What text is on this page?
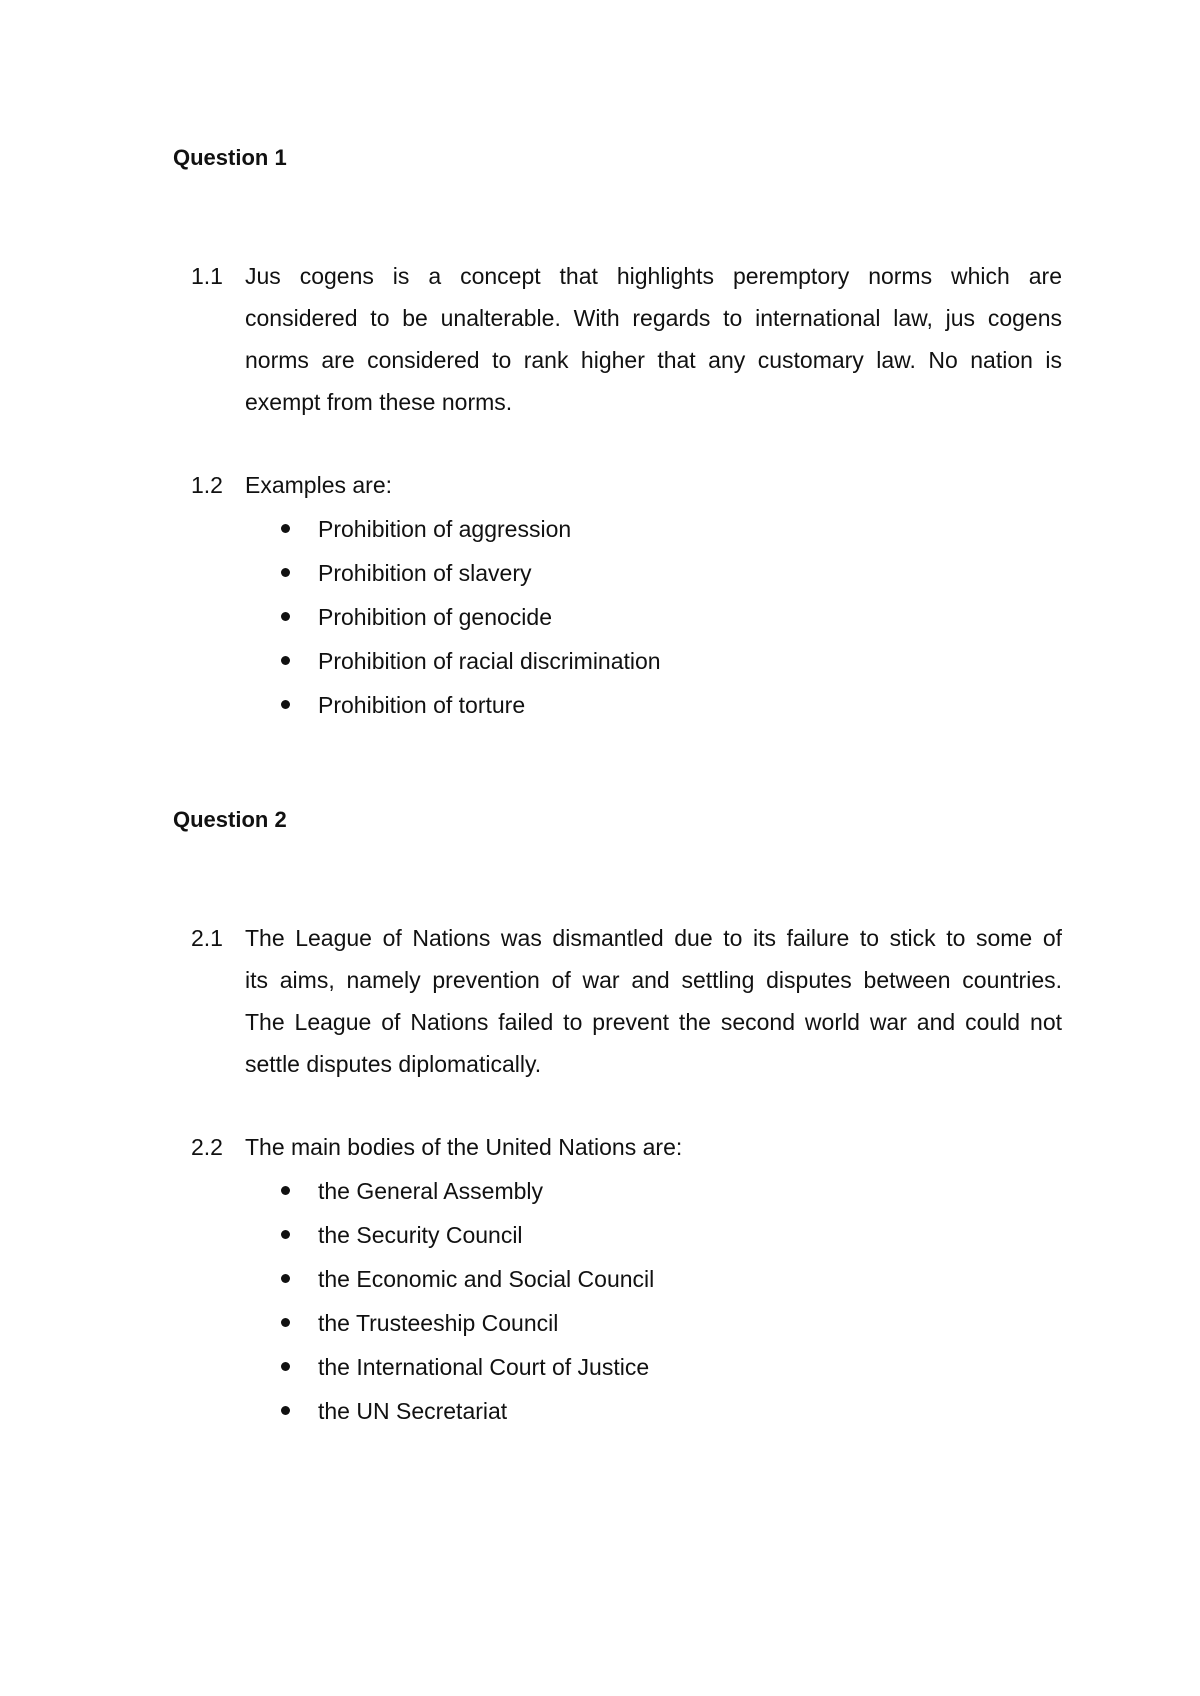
Question 1
1.1 Jus cogens is a concept that highlights peremptory norms which are
considered to be unalterable. With regards to international law, jus cogens
norms are considered to rank higher that any customary law. No nation is
exempt from these norms.

1.2 Examples are:

Prohibition of aggression
Prohibition of slavery
Prohibition of genocide
Prohibition of racial discrimination
Prohibition of torture
Question 2
2.1 The League of Nations was dismantled due to its failure to stick to some of
its aims, namely prevention of war and settling disputes between countries.
The League of Nations failed to prevent the second world war and could not
settle disputes diplomatically.

2.2 The main bodies of the United Nations are:

the General Assembly
the Security Council
the Economic and Social Council
the Trusteeship Council
the International Court of Justice
the UN Secretariat
